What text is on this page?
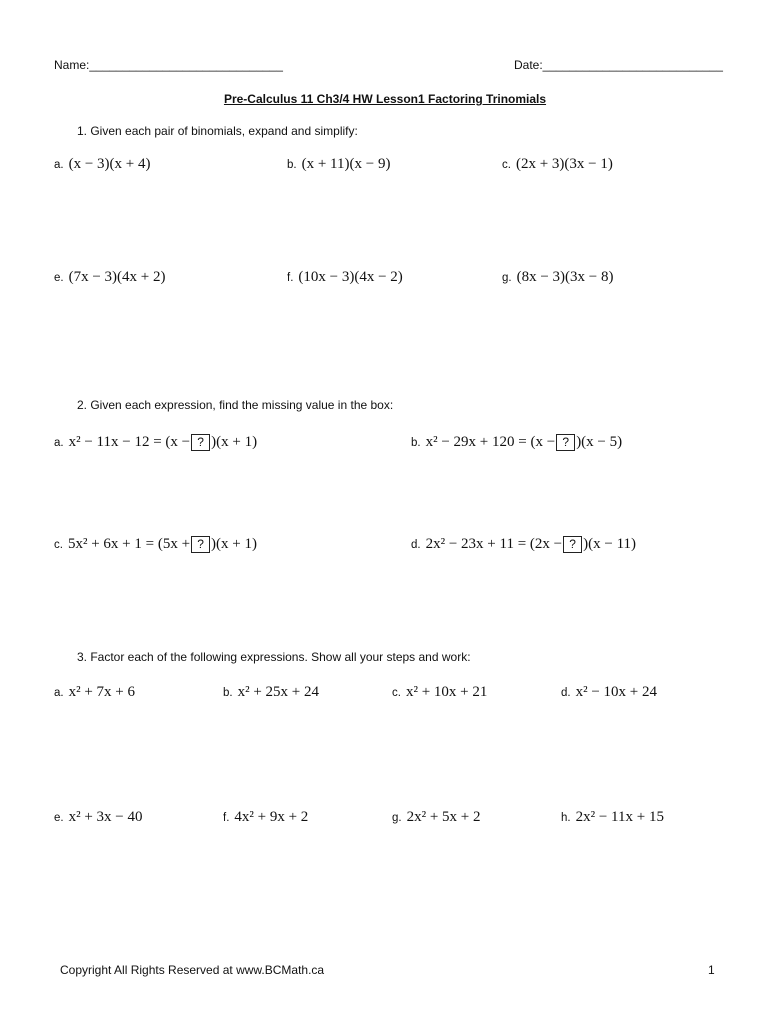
Name:_____________________________	Date:___________________________
Pre-Calculus 11 Ch3/4 HW Lesson1 Factoring Trinomials
1. Given each pair of binomials, expand and simplify:
a. (x − 3)(x + 4)	b. (x + 11)(x − 9)	c. (2x + 3)(3x − 1)
e. (7x − 3)(4x + 2)	f. (10x − 3)(4x − 2)	g. (8x − 3)(3x − 8)
2. Given each expression, find the missing value in the box:
a. x² − 11x − 12 = (x − ? )(x + 1)	b. x² − 29x + 120 = (x − ? )(x − 5)
c. 5x² + 6x + 1 = (5x + ? )(x + 1)	d. 2x² − 23x + 11 = (2x − ? )(x − 11)
3. Factor each of the following expressions. Show all your steps and work:
a. x² + 7x + 6	b. x² + 25x + 24	c. x² + 10x + 21	d. x² − 10x + 24
e. x² + 3x − 40	f. 4x² + 9x + 2	g. 2x² + 5x + 2	h. 2x² − 11x + 15
Copyright All Rights Reserved at www.BCMath.ca	1
